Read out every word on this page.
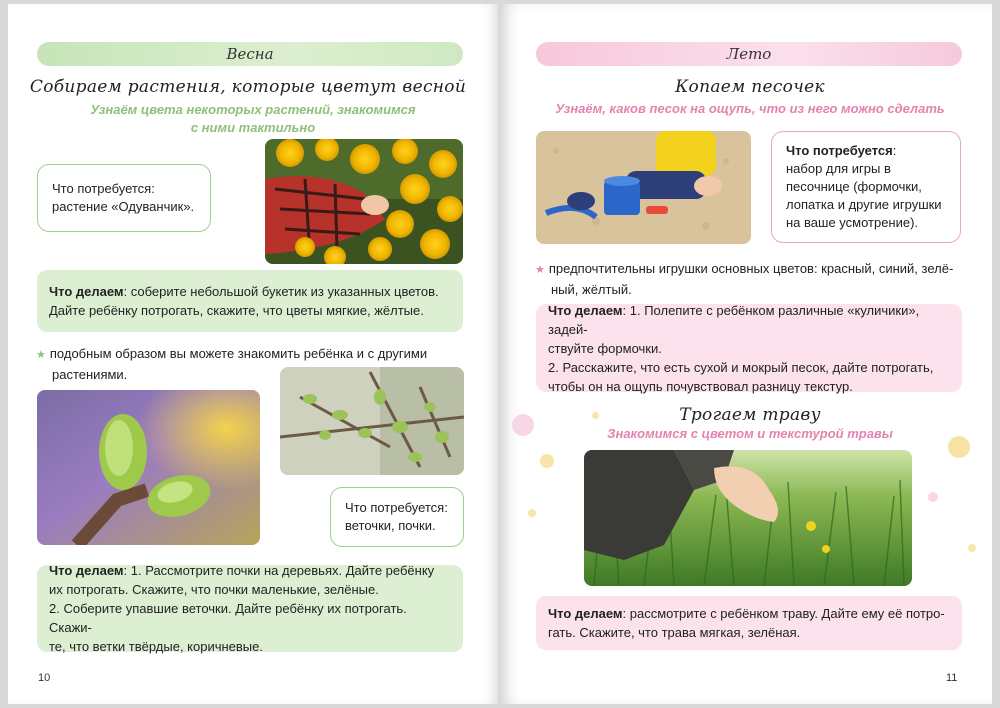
Весна
Собираем растения, которые цветут весной
Узнаём цвета некоторых растений, знакомимся
с ними тактильно
Что потребуется:
растение «Одуванчик».
Что делаем: соберите небольшой букетик из указанных цветов.
Дайте ребёнку потрогать, скажите, что цветы мягкие, жёлтые.
★ подобным образом вы можете знакомить ребёнка и с другими
растениями.
Что потребуется:
веточки, почки.
Что делаем: 1. Рассмотрите почки на деревьях. Дайте ребёнку
их потрогать. Скажите, что почки маленькие, зелёные.
2. Соберите упавшие веточки. Дайте ребёнку их потрогать. Скажи-
те, что ветки твёрдые, коричневые.
10
Лето
Копаем песочек
Узнаём, каков песок на ощупь, что из него можно сделать
Что потребуется:
набор для игры в
песочнице (формочки,
лопатка и другие игрушки
на ваше усмотрение).
★ предпочтительны игрушки основных цветов: красный, синий, зелё-
ный, жёлтый.
Что делаем: 1. Полепите с ребёнком различные «куличики», задей-
ствуйте формочки.
2. Расскажите, что есть сухой и мокрый песок, дайте потрогать,
чтобы он на ощупь почувствовал разницу текстур.
Трогаем траву
Знакомимся с цветом и текстурой травы
Что делаем: рассмотрите с ребёнком траву. Дайте ему её потро-
гать. Скажите, что трава мягкая, зелёная.
11
